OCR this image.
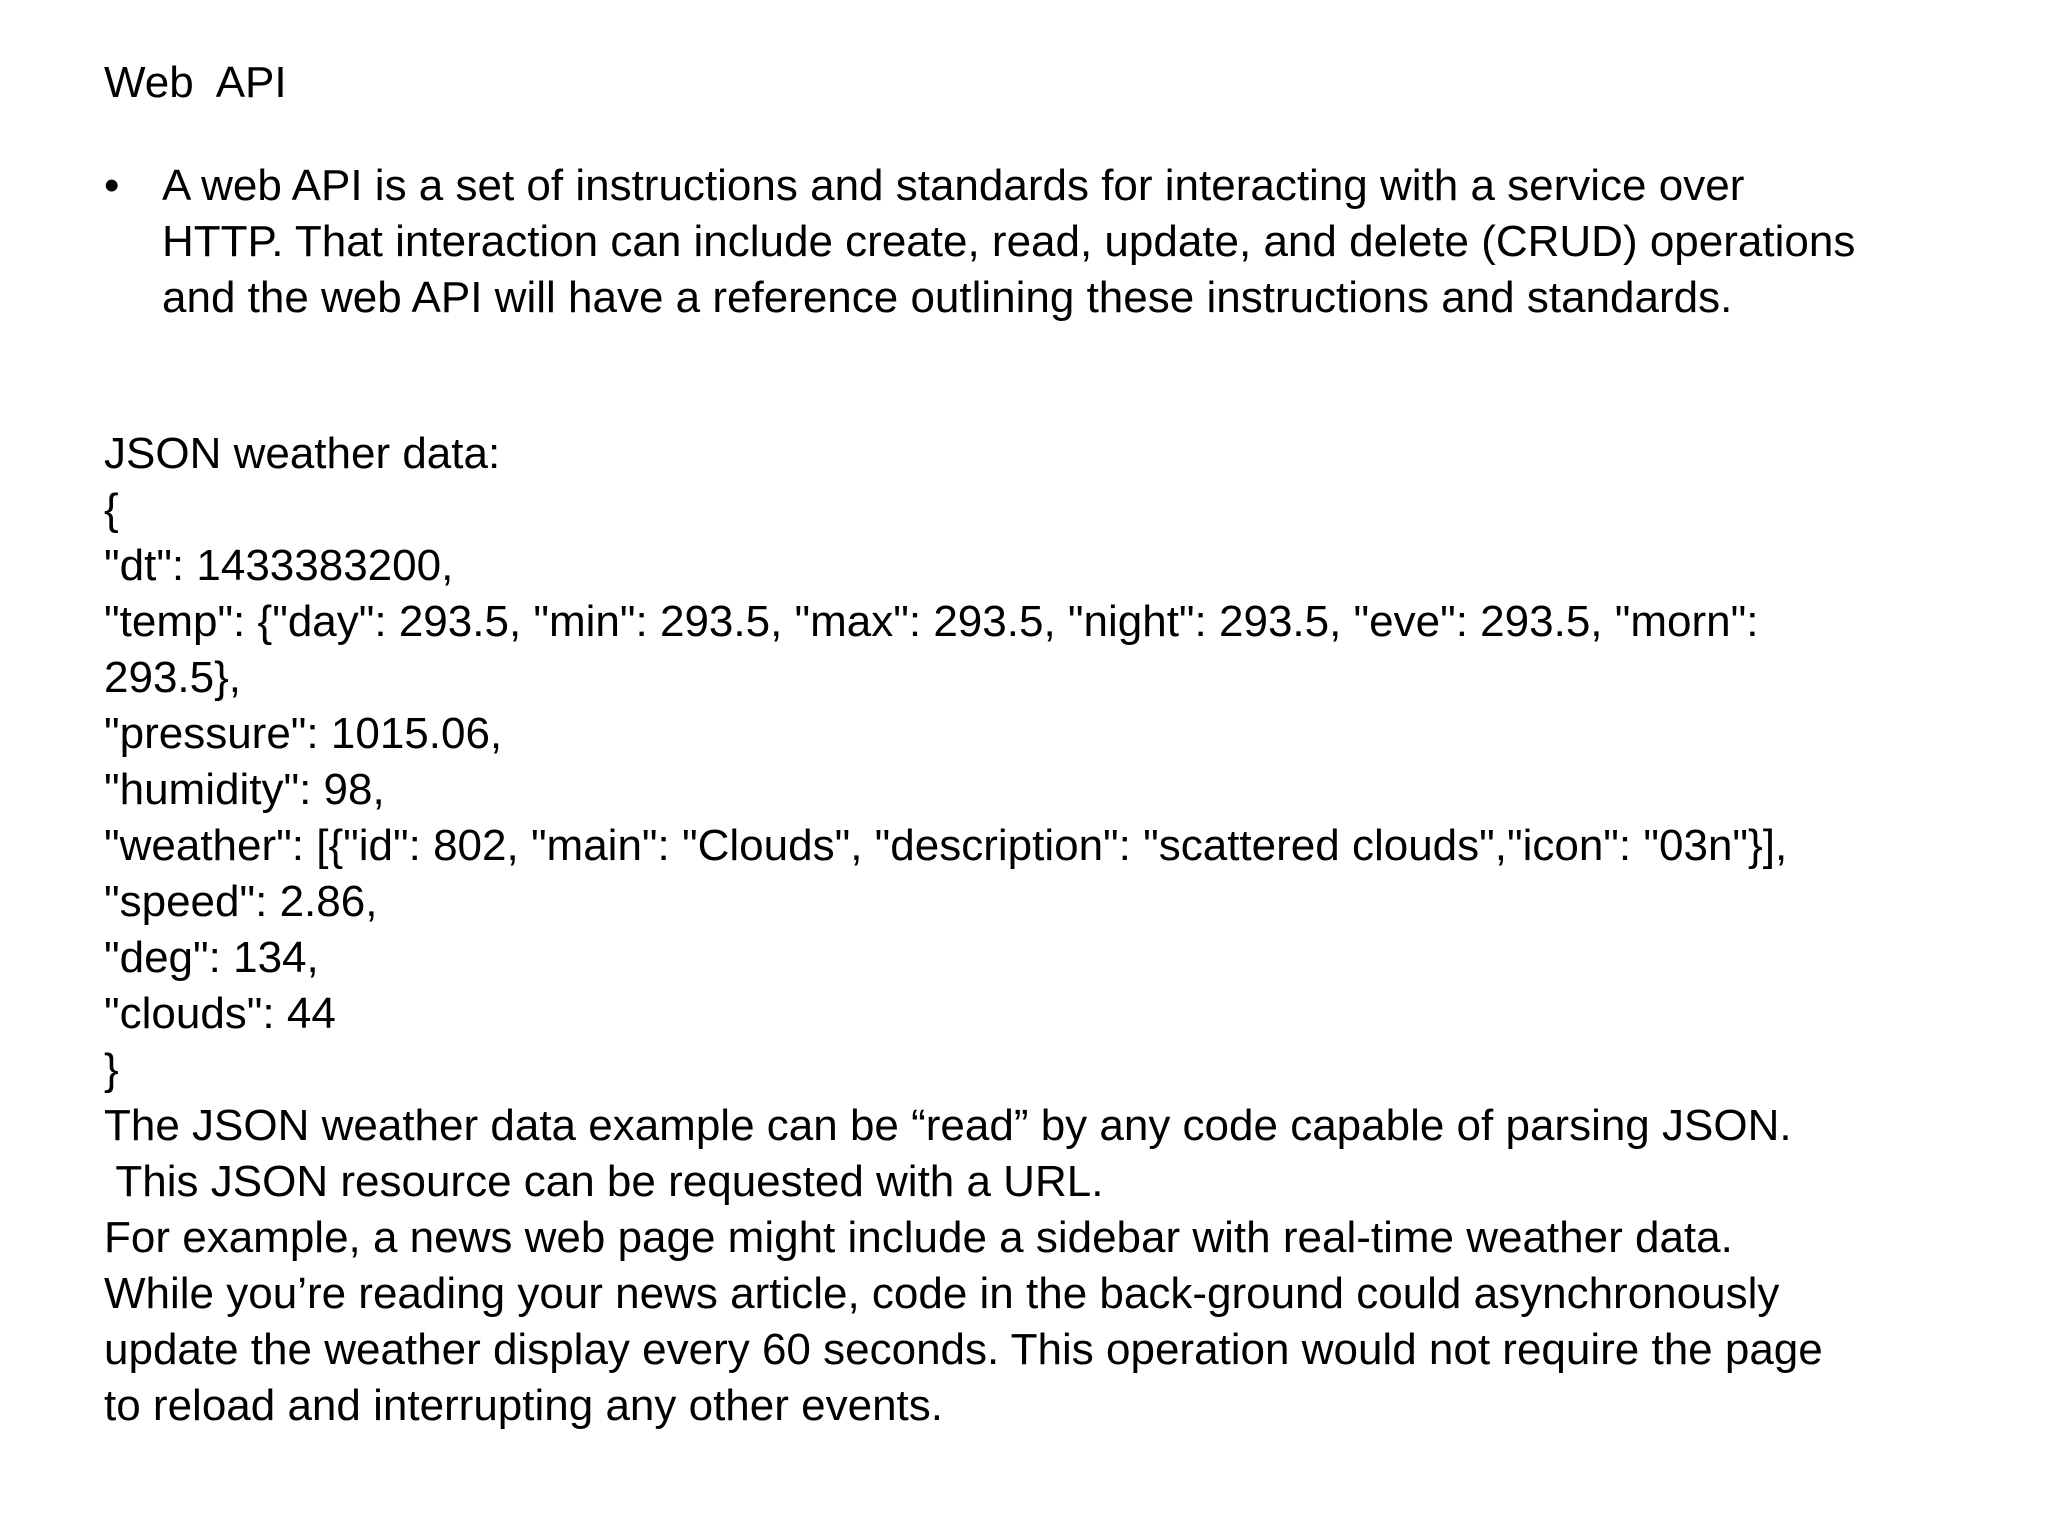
Web  API
• A web API is a set of instructions and standards for interacting with a service over
HTTP. That interaction can include create, read, update, and delete (CRUD) operations
and the web API will have a reference outlining these instructions and standards.
JSON weather data:
{
"dt": 1433383200,
"temp": {"day": 293.5, "min": 293.5, "max": 293.5, "night": 293.5, "eve": 293.5, "morn":
293.5},
"pressure": 1015.06,
"humidity": 98,
"weather": [{"id": 802, "main": "Clouds", "description": "scattered clouds","icon": "03n"}],
"speed": 2.86,
"deg": 134,
"clouds": 44
}
The JSON weather data example can be “read” by any code capable of parsing JSON.
This JSON resource can be requested with a URL.
For example, a news web page might include a sidebar with real-time weather data.
While you’re reading your news article, code in the back-ground could asynchronously
update the weather display every 60 seconds. This operation would not require the page
to reload and interrupting any other events.
